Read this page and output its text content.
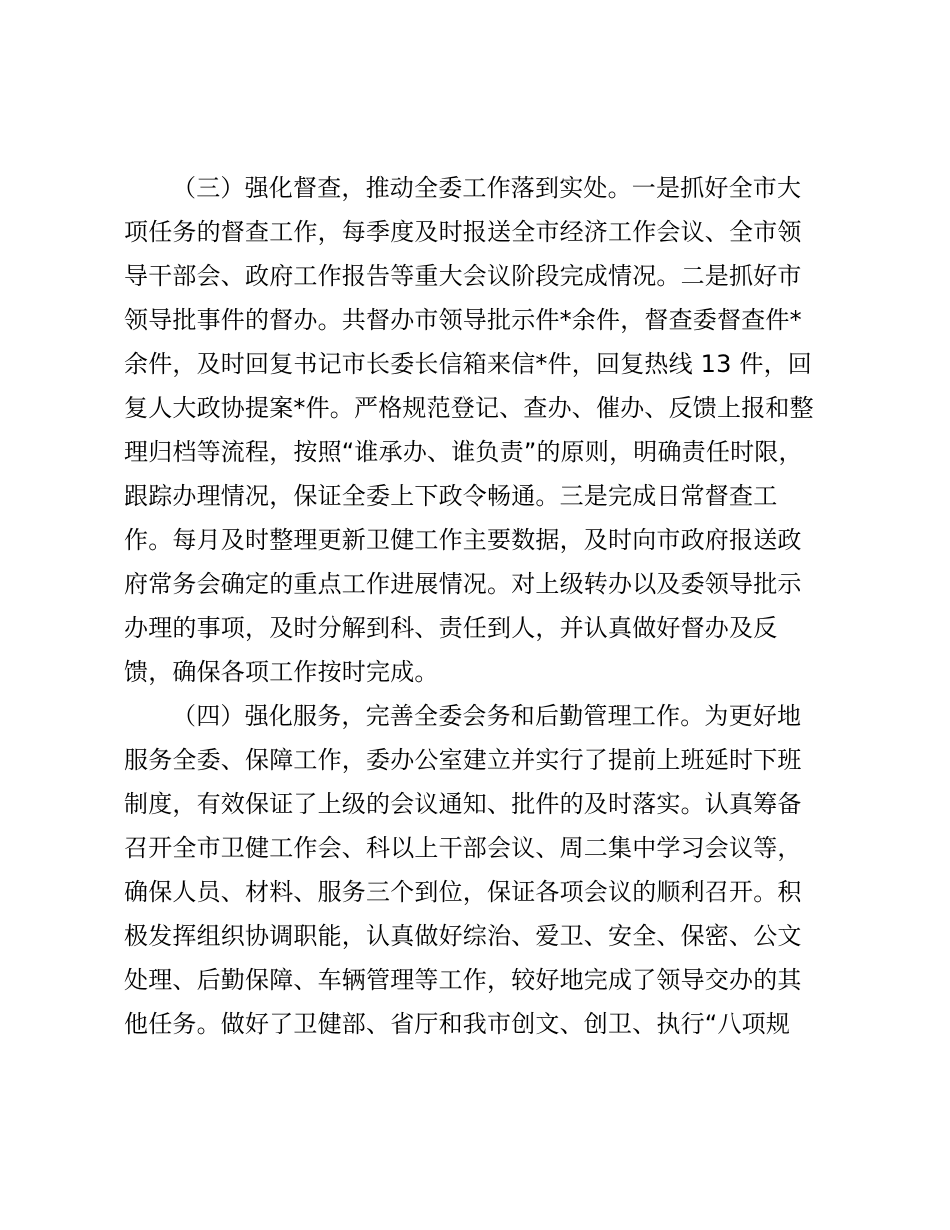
（三）强化督查，推动全委工作落到实处。一是抓好全市大
项任务的督查工作，每季度及时报送全市经济工作会议、全市领
导干部会、政府工作报告等重大会议阶段完成情况。二是抓好市
领导批事件的督办。共督办市领导批示件*余件，督查委督查件*
余件，及时回复书记市长委长信箱来信*件，回复热线 13 件，回
复人大政协提案*件。严格规范登记、查办、催办、反馈上报和整
理归档等流程，按照“谁承办、谁负责”的原则，明确责任时限，
跟踪办理情况，保证全委上下政令畅通。三是完成日常督查工
作。每月及时整理更新卫健工作主要数据，及时向市政府报送政
府常务会确定的重点工作进展情况。对上级转办以及委领导批示
办理的事项，及时分解到科、责任到人，并认真做好督办及反
馈，确保各项工作按时完成。
（四）强化服务，完善全委会务和后勤管理工作。为更好地
服务全委、保障工作，委办公室建立并实行了提前上班延时下班
制度，有效保证了上级的会议通知、批件的及时落实。认真筹备
召开全市卫健工作会、科以上干部会议、周二集中学习会议等，
确保人员、材料、服务三个到位，保证各项会议的顺利召开。积
极发挥组织协调职能，认真做好综治、爱卫、安全、保密、公文
处理、后勤保障、车辆管理等工作，较好地完成了领导交办的其
他任务。做好了卫健部、省厅和我市创文、创卫、执行“八项规
